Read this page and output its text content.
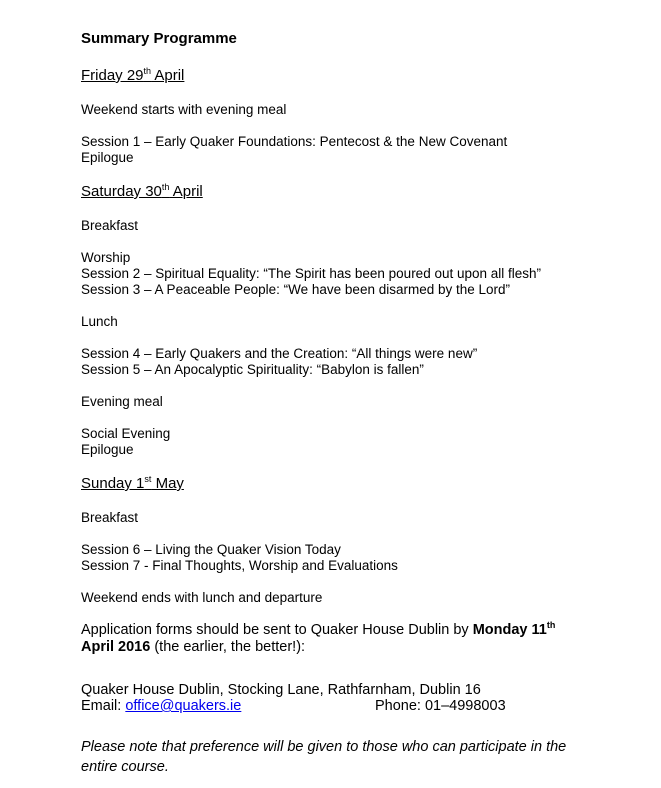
Summary Programme
Friday 29th April

Weekend starts with evening meal

Session 1 – Early Quaker Foundations: Pentecost & the New Covenant

Epilogue

Saturday 30th April

Breakfast

Worship

Session 2 – Spiritual Equality: “The Spirit has been poured out upon all flesh”

Session 3 – A Peaceable People: “We have been disarmed by the Lord”

Lunch

Session 4 – Early Quakers and the Creation: “All things were new”

Session 5 – An Apocalyptic Spirituality: “Babylon is fallen”

Evening meal

Social Evening

Epilogue

Sunday 1st May

Breakfast

Session 6 – Living the Quaker Vision Today

Session 7 - Final Thoughts, Worship and Evaluations

Weekend ends with lunch and departure

Application forms should be sent to Quaker House Dublin by Monday 11th April 2016 (the earlier, the better!):

Quaker House Dublin, Stocking Lane, Rathfarnham, Dublin 16

Email: office@quakers.ie	Phone: 01–4998003

Please note that preference will be given to those who can participate in the entire course.
